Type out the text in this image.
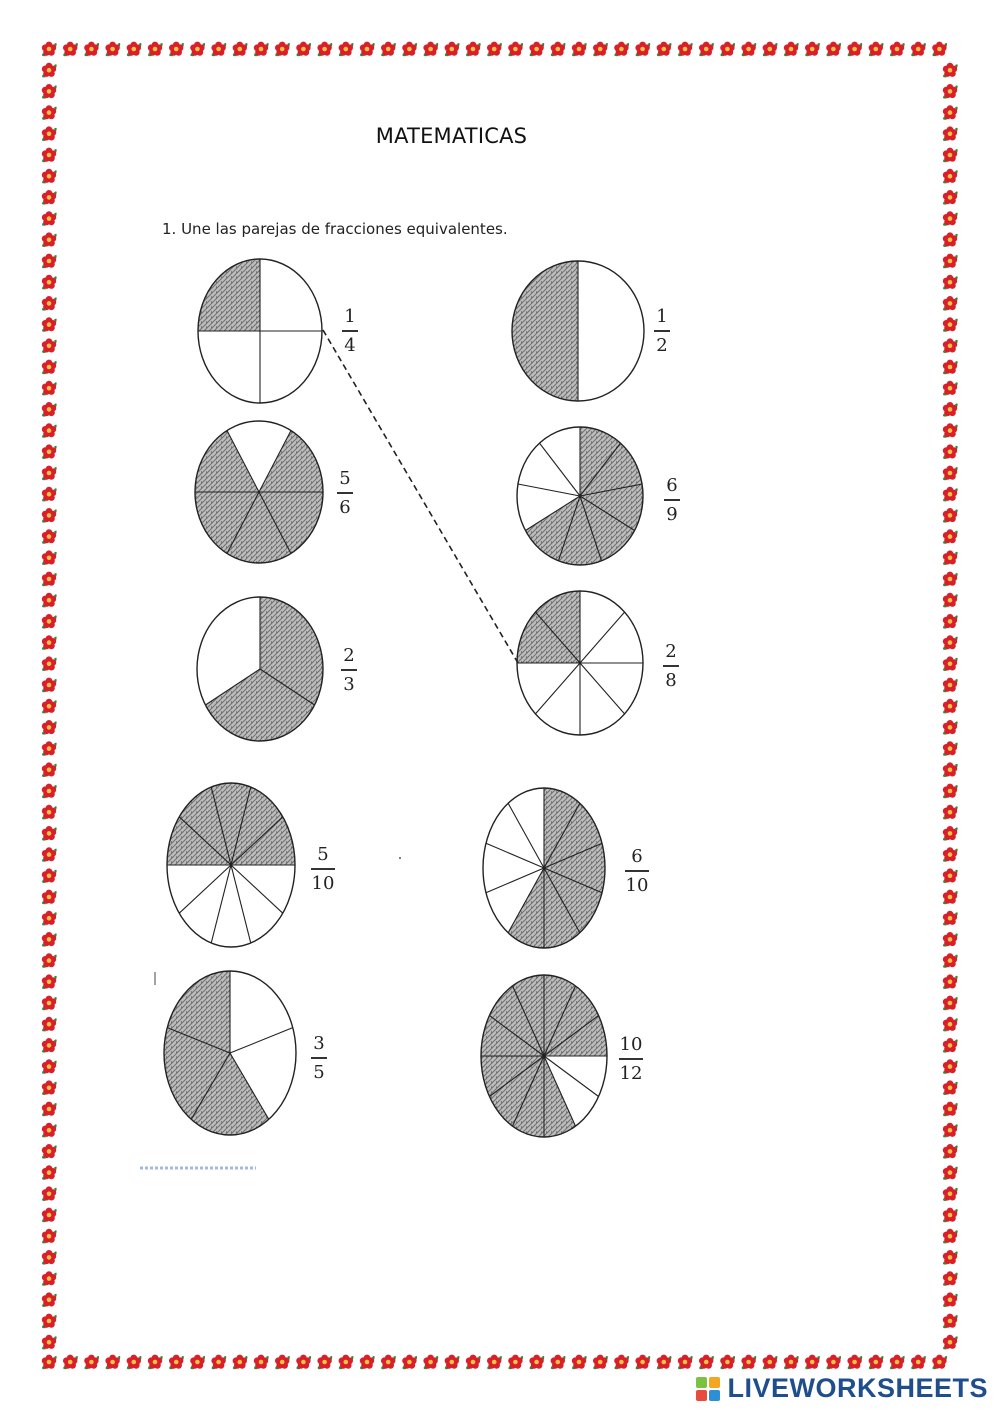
MATEMATICAS
1. Une las parejas de fracciones equivalentes.
1
4
1
2
5
6
6
9
2
3
2
8
5
10
6
10
3
5
10
12
LIVEWORKSHEETS
